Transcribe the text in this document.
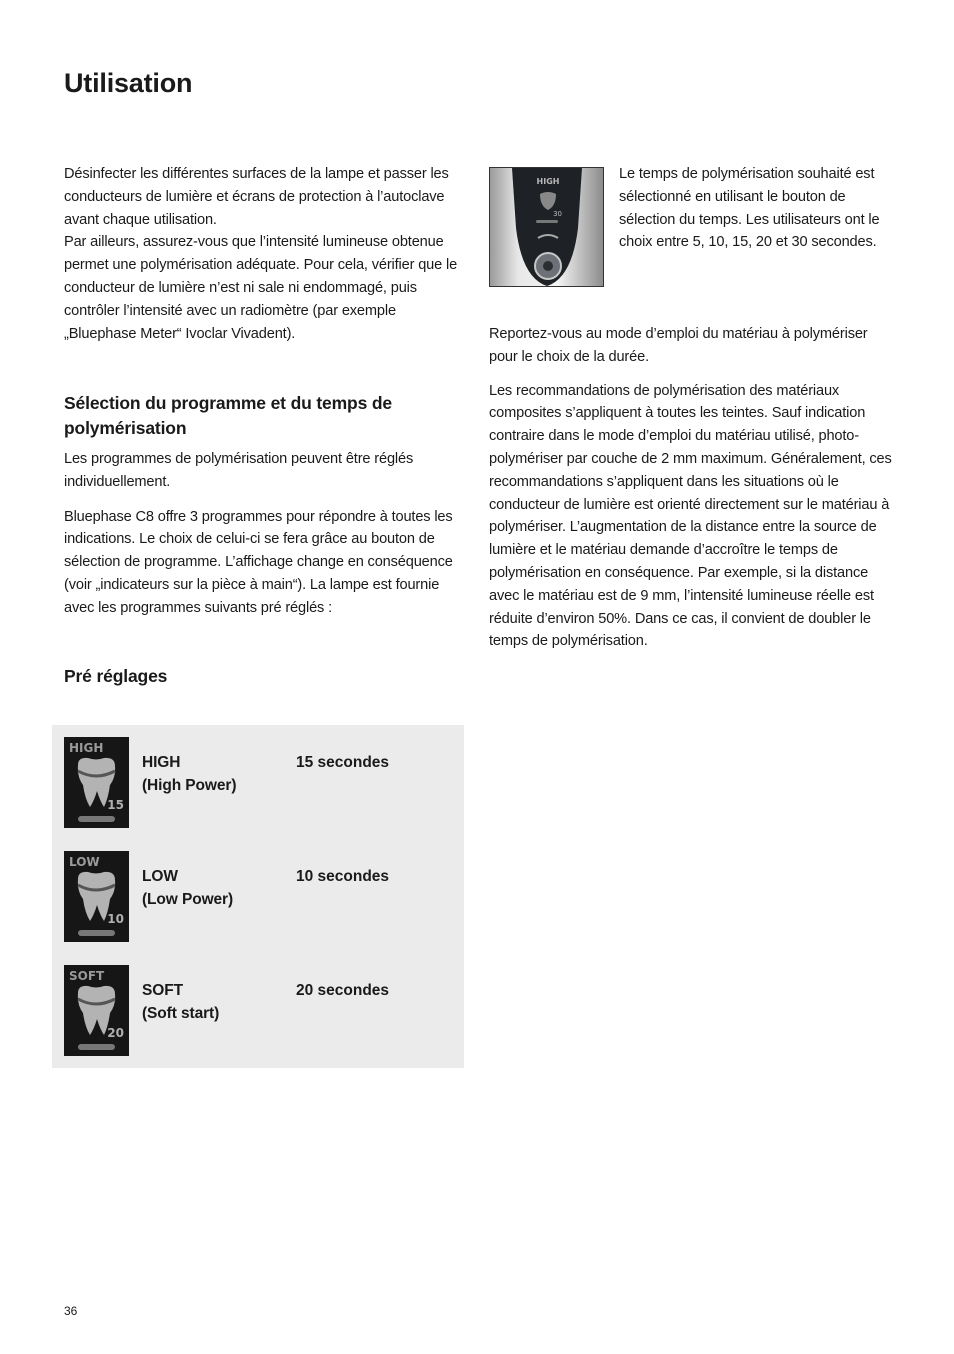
Utilisation

Désinfecter les différentes surfaces de la lampe et passer les conducteurs de lumière et écrans de protection à l’autoclave avant chaque utilisation.

Par ailleurs, assurez-vous que l’intensité lumineuse obtenue permet une polymérisation adéquate. Pour cela, vérifier que le conducteur de lumière n’est ni sale ni endommagé, puis contrôler l’intensité avec un radiomètre (par exemple „Bluephase Meter“ Ivoclar Vivadent).

Sélection du programme et du temps de polymérisation

Les programmes de polymérisation peuvent être réglés individuellement.

Bluephase C8 offre 3 programmes pour répondre à toutes les indications. Le choix de celui-ci se fera grâce au bouton de sélection de programme. L’affichage change en conséquence (voir „indicateurs sur la pièce à main“). La lampe est fournie avec les programmes suivants pré réglés :

Pré réglages
HIGH
15
HIGH
(High Power)
15 secondes
LOW
10
LOW
(Low Power)
10 secondes
SOFT
20
SOFT
(Soft start)
20 secondes
HIGH
30

Le temps de polymérisation souhaité est sélectionné en utilisant le bouton de sélection du temps. Les utilisateurs ont le choix entre 5, 10, 15, 20 et 30 secondes.

Reportez-vous au mode d’emploi du matériau à polymériser pour le choix de la durée.

Les recommandations de polymérisation des matériaux composites s’appliquent à toutes les teintes. Sauf indication contraire dans le mode d’emploi du matériau utilisé, photopolymériser par couche de 2 mm maximum. Généralement, ces recommandations s’appliquent dans les situations où le conducteur de lumière est orienté directement sur le matériau à polymériser. L’augmentation de la distance entre la source de lumière et le matériau demande d’accroître le temps de polymérisation en conséquence. Par exemple, si la distance avec le matériau est de 9 mm, l’intensité lumineuse réelle est réduite d’environ 50%. Dans ce cas, il convient de doubler le temps de polymérisation.

36
